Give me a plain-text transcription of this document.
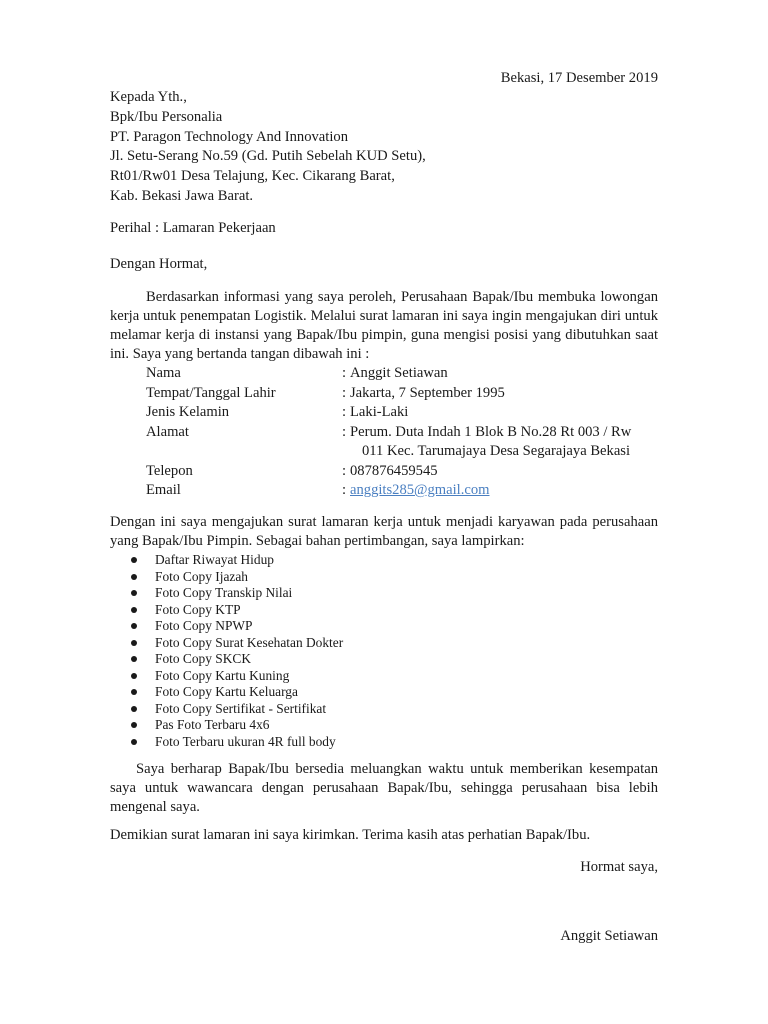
Bekasi, 17 Desember 2019
Kepada Yth.,
Bpk/Ibu Personalia
PT. Paragon Technology And Innovation
Jl. Setu-Serang No.59 (Gd. Putih Sebelah KUD Setu),
Rt01/Rw01 Desa Telajung, Kec. Cikarang Barat,
Kab. Bekasi Jawa Barat.
Perihal : Lamaran Pekerjaan
Dengan Hormat,
Berdasarkan informasi yang saya peroleh, Perusahaan Bapak/Ibu membuka lowongan kerja untuk penempatan Logistik. Melalui surat lamaran ini saya ingin mengajukan diri untuk melamar kerja di instansi yang Bapak/Ibu pimpin, guna mengisi posisi yang dibutuhkan saat ini. Saya yang bertanda tangan dibawah ini :
Nama	: Anggit Setiawan
Tempat/Tanggal Lahir	: Jakarta, 7 September 1995
Jenis Kelamin	: Laki-Laki
Alamat	: Perum. Duta Indah 1 Blok B No.28 Rt 003 / Rw
011 Kec. Tarumajaya Desa Segarajaya Bekasi
Telepon	: 087876459545
Email	: anggits285@gmail.com
Dengan ini saya mengajukan surat lamaran kerja untuk menjadi karyawan pada perusahaan yang Bapak/Ibu Pimpin. Sebagai bahan pertimbangan, saya lampirkan:
Daftar Riwayat Hidup
Foto Copy Ijazah
Foto Copy Transkip Nilai
Foto Copy KTP
Foto Copy NPWP
Foto Copy Surat Kesehatan Dokter
Foto Copy SKCK
Foto Copy Kartu Kuning
Foto Copy Kartu Keluarga
Foto Copy Sertifikat - Sertifikat
Pas Foto Terbaru 4x6
Foto Terbaru ukuran 4R full body
Saya berharap Bapak/Ibu bersedia meluangkan waktu untuk memberikan kesempatan saya untuk wawancara dengan perusahaan Bapak/Ibu, sehingga perusahaan bisa lebih mengenal saya.
Demikian surat lamaran ini saya kirimkan. Terima kasih atas perhatian Bapak/Ibu.
Hormat saya,
Anggit Setiawan
